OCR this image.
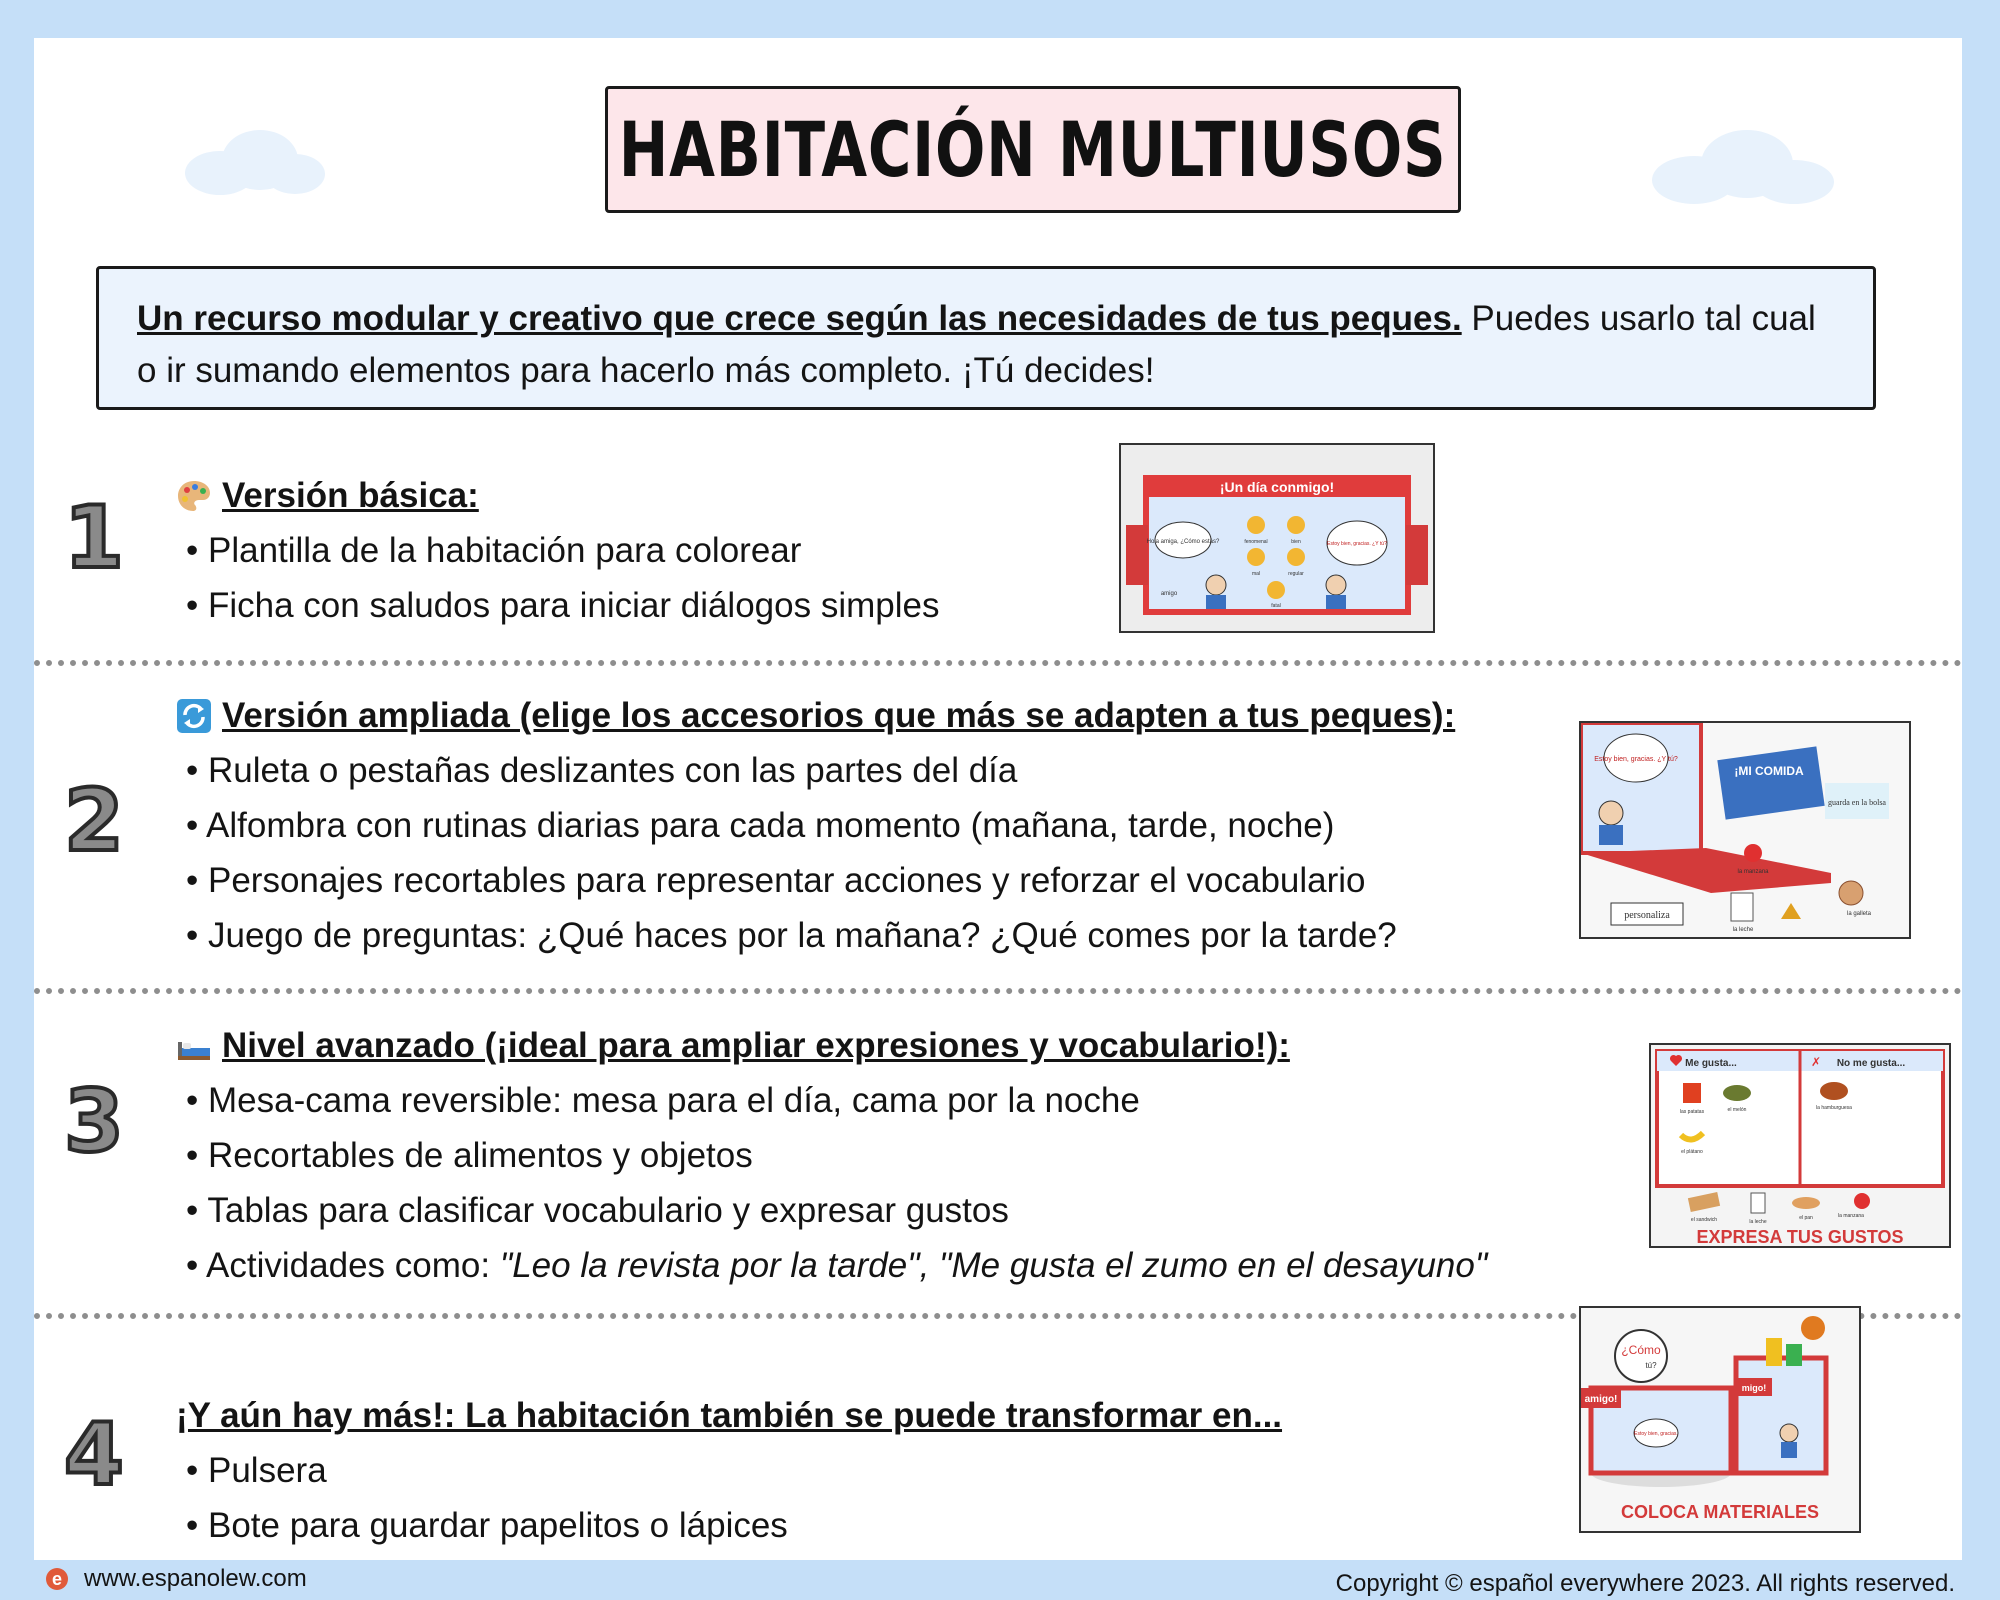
HABITACIÓN MULTIUSOS
Un recurso modular y creativo que crece según las necesidades de tus peques. Puedes usarlo tal cual o ir sumando elementos para hacerlo más completo. ¡Tú decides!
1	Versión básica:
• Plantilla de la habitación para colorear
• Ficha con saludos para iniciar diálogos simples
¡Un día conmigo!
Hola amiga, ¿Cómo estás?	fenomenal	bien
mal	regular
fatal
Estoy bien, gracias. ¿Y tú?
amigo
2
Versión ampliada (elige los accesorios que más se adapten a tus peques):
• Ruleta o pestañas deslizantes con las partes del día
• Alfombra con rutinas diarias para cada momento (mañana, tarde, noche)
• Personajes recortables para representar acciones y reforzar el vocabulario
• Juego de preguntas: ¿Qué haces por la mañana? ¿Qué comes por la tarde?
Estoy bien, gracias. ¿Y tú?
¡MI COMIDA
guarda en la bolsa
la manzana
personaliza
la leche
la galleta
3
Nivel avanzado (¡ideal para ampliar expresiones y vocabulario!):
• Mesa-cama reversible: mesa para el día, cama por la noche
• Recortables de alimentos y objetos
• Tablas para clasificar vocabulario y expresar gustos
• Actividades como: "Leo la revista por la tarde", "Me gusta el zumo en el desayuno"
Me gusta...	✗ No me gusta...
las patatas	el melón	la hamburguesa
el plátano
el sandwich	la leche
el pan	la manzana
EXPRESA TUS GUSTOS
4 ¡Y aún hay más!: La habitación también se puede transformar en...
• Pulsera
• Bote para guardar papelitos o lápices
¿Cómo
tú?
amigo!
Estoy bien, gracias.
migo!
COLOCA MATERIALES
e www.espanolew.com	Copyright © español everywhere 2023. All rights reserved.
